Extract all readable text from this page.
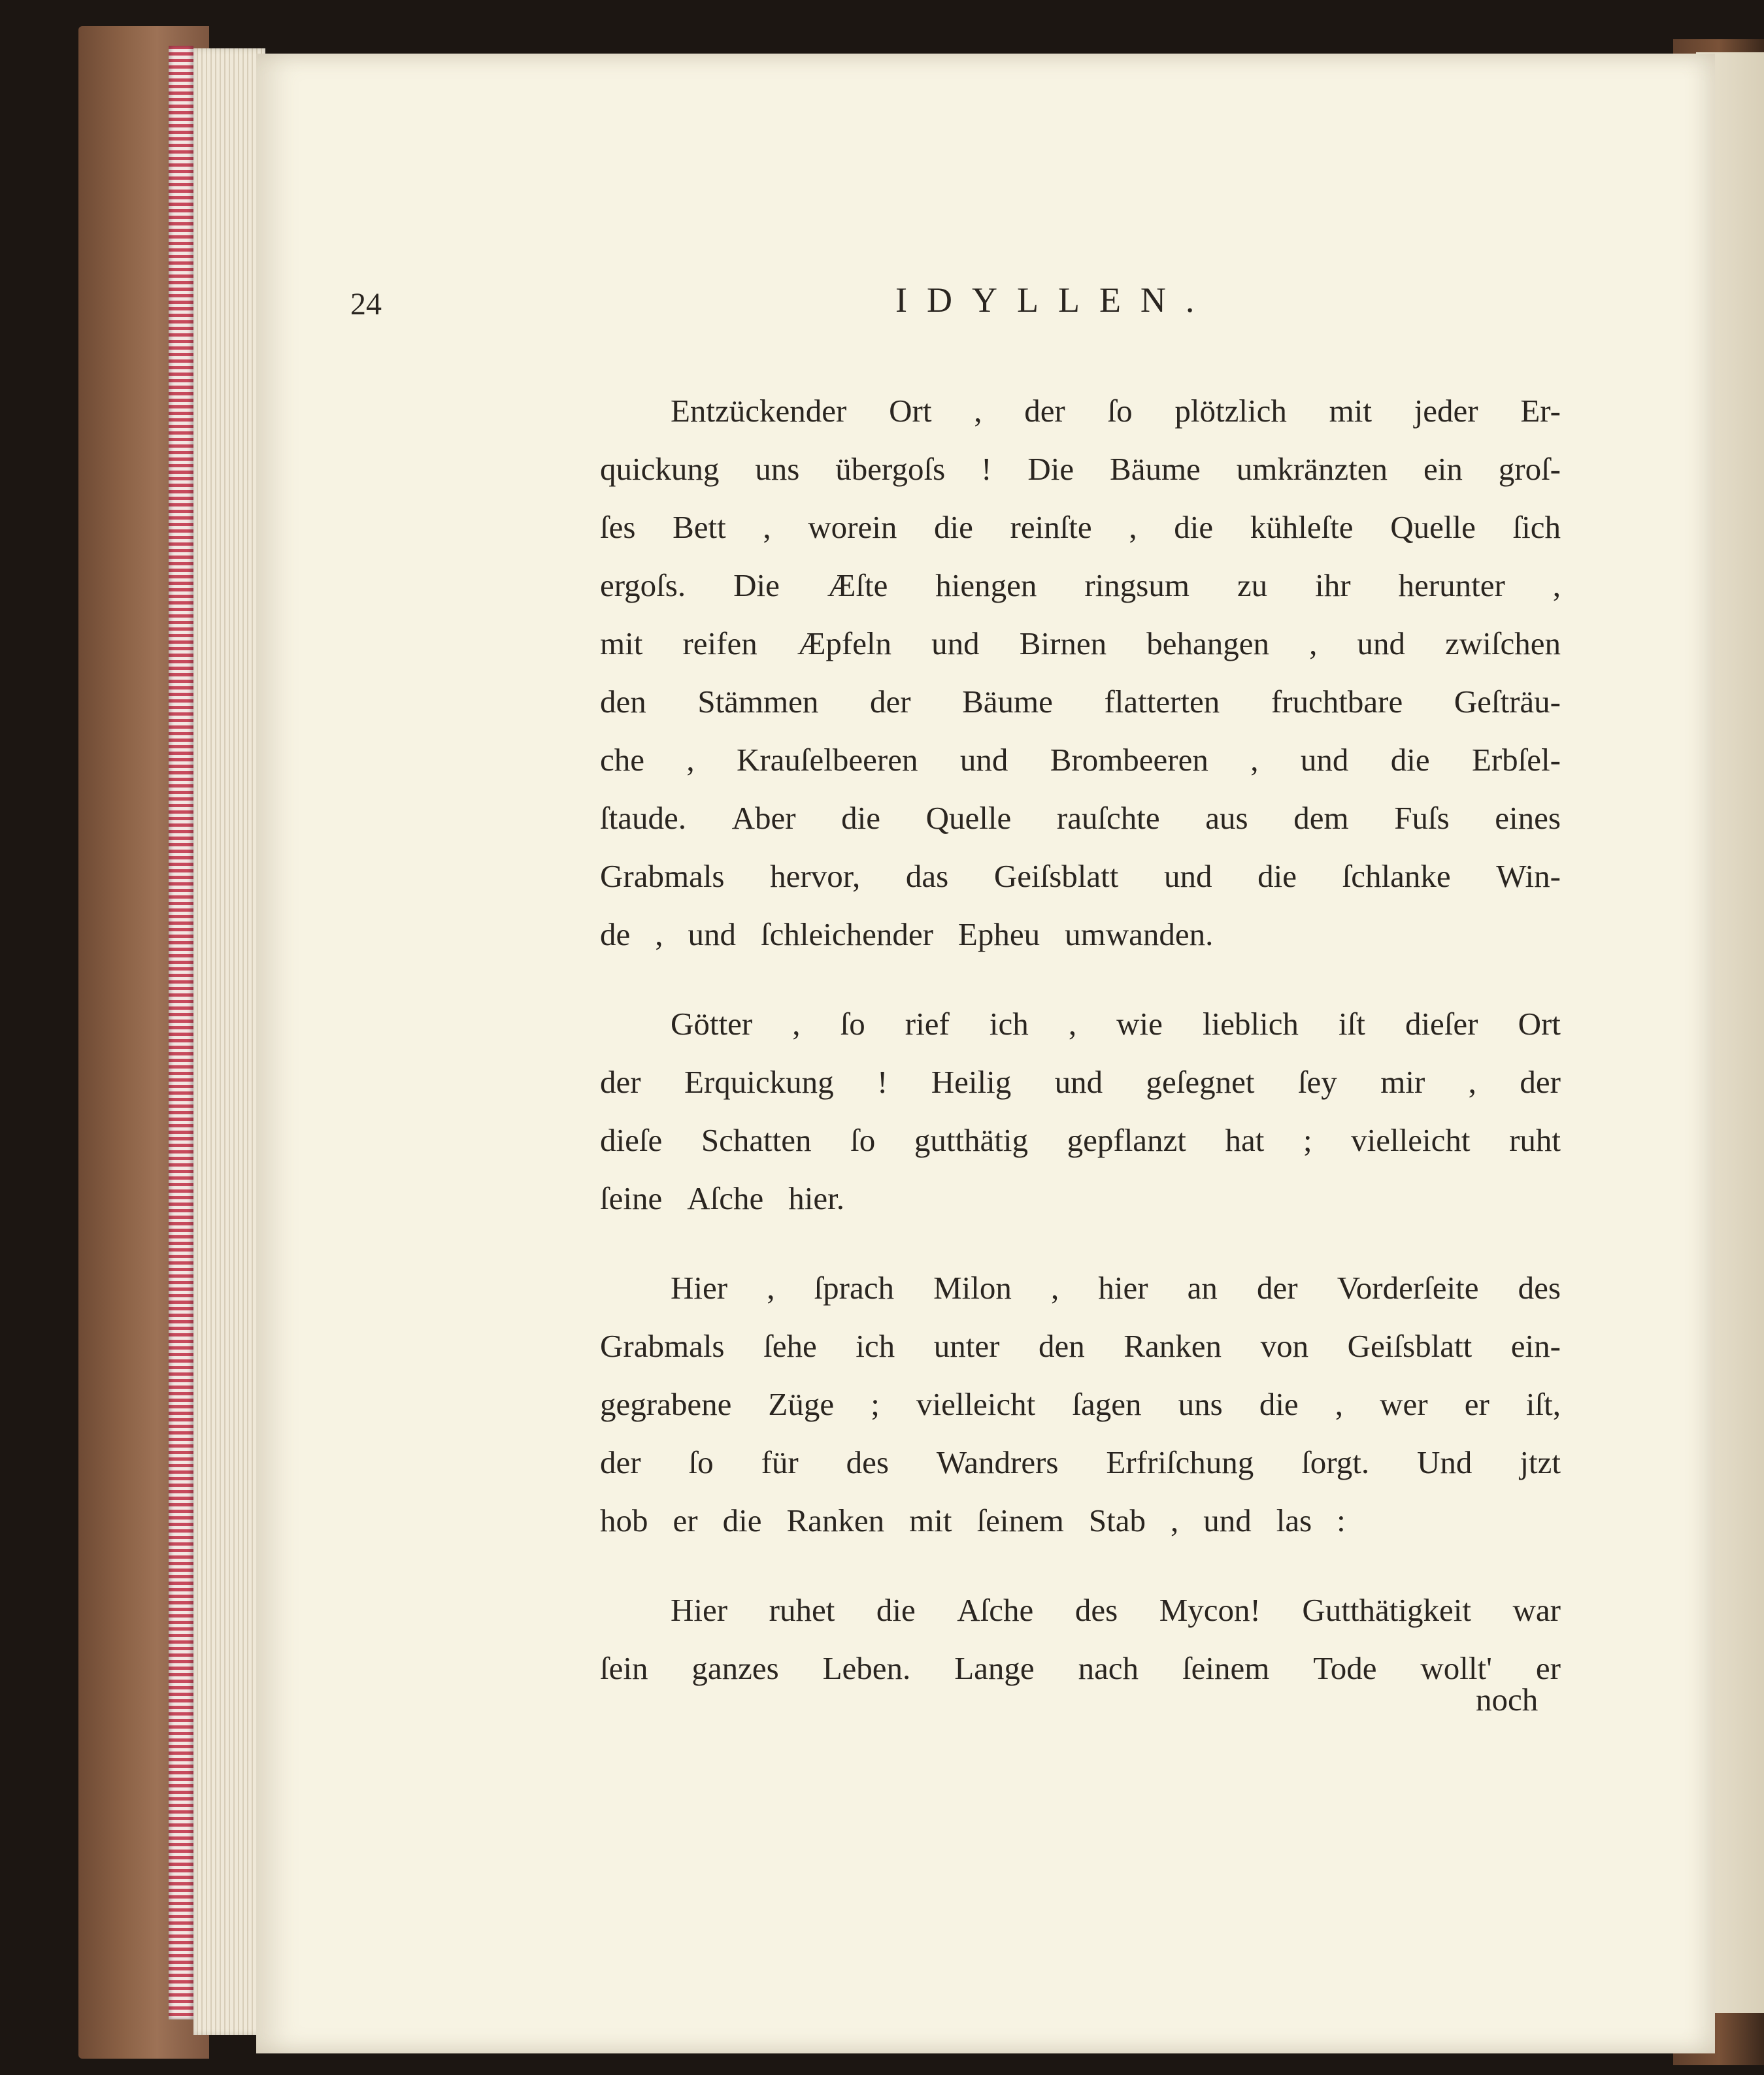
24	IDYLLEN.
Entzückender Ort , der ſo plötzlich mit jeder Er-
quickung uns übergoſs ! Die Bäume umkränzten ein groſ-
ſes Bett , worein die reinſte , die kühleſte Quelle ſich
ergoſs. Die Æſte hiengen ringsum zu ihr herunter ,
mit reifen Æpfeln und Birnen behangen , und zwiſchen
den Stämmen der Bäume flatterten fruchtbare Geſträu-
che , Krauſelbeeren und Brombeeren , und die Erbſel-
ſtaude. Aber die Quelle rauſchte aus dem Fuſs eines
Grabmals hervor, das Geiſsblatt und die ſchlanke Win-
de , und ſchleichender Epheu umwanden.
Götter , ſo rief ich , wie lieblich iſt dieſer Ort
der Erquickung ! Heilig und geſegnet ſey mir , der
dieſe Schatten ſo gutthätig gepflanzt hat ; vielleicht ruht
ſeine Aſche hier.
Hier , ſprach Milon , hier an der Vorderſeite des
Grabmals ſehe ich unter den Ranken von Geiſsblatt ein-
gegrabene Züge ; vielleicht ſagen uns die , wer er iſt,
der ſo für des Wandrers Erfriſchung ſorgt. Und jtzt
hob er die Ranken mit ſeinem Stab , und las :
Hier ruhet die Aſche des Mycon! Gutthätigkeit war
ſein ganzes Leben. Lange nach ſeinem Tode wollt' er
noch
